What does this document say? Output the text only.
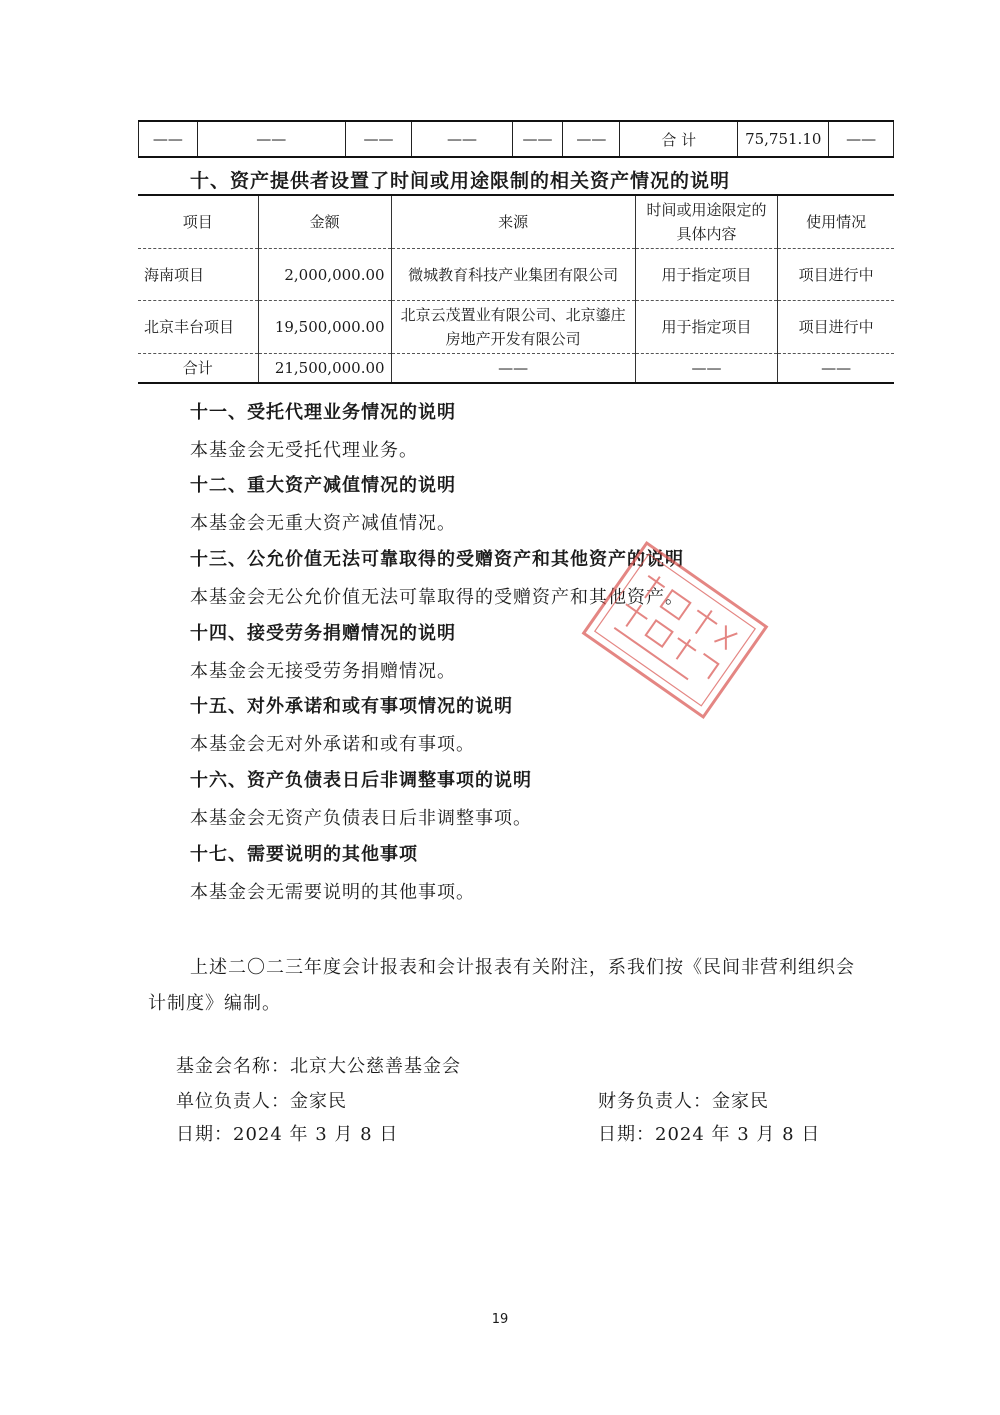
——	——	——	——	——	——	合 计	75,751.10	——
十、资产提供者设置了时间或用途限制的相关资产情况的说明
项目	金额	来源	时间或用途限定的具体内容	使用情况
海南项目	2,000,000.00	微城教育科技产业集团有限公司	用于指定项目	项目进行中
北京丰台项目	19,500,000.00	北京云茂置业有限公司、北京鎏庄房地产开发有限公司	用于指定项目	项目进行中
合计	21,500,000.00	——	——	——
十一、受托代理业务情况的说明
本基金会无受托代理业务。
十二、重大资产减值情况的说明
本基金会无重大资产减值情况。
十三、公允价值无法可靠取得的受赠资产和其他资产的说明
本基金会无公允价值无法可靠取得的受赠资产和其他资产。
十四、接受劳务捐赠情况的说明
本基金会无接受劳务捐赠情况。
十五、对外承诺和或有事项情况的说明
本基金会无对外承诺和或有事项。
十六、资产负债表日后非调整事项的说明
本基金会无资产负债表日后非调整事项。
十七、需要说明的其他事项
本基金会无需要说明的其他事项。
上述二〇二三年度会计报表和会计报表有关附注，系我们按《民间非营利组织会计制度》编制。
基金会名称：北京大公慈善基金会
单位负责人：金家民	财务负责人：金家民
日期：2024 年 3 月 8 日	日期：2024 年 3 月 8 日
19
